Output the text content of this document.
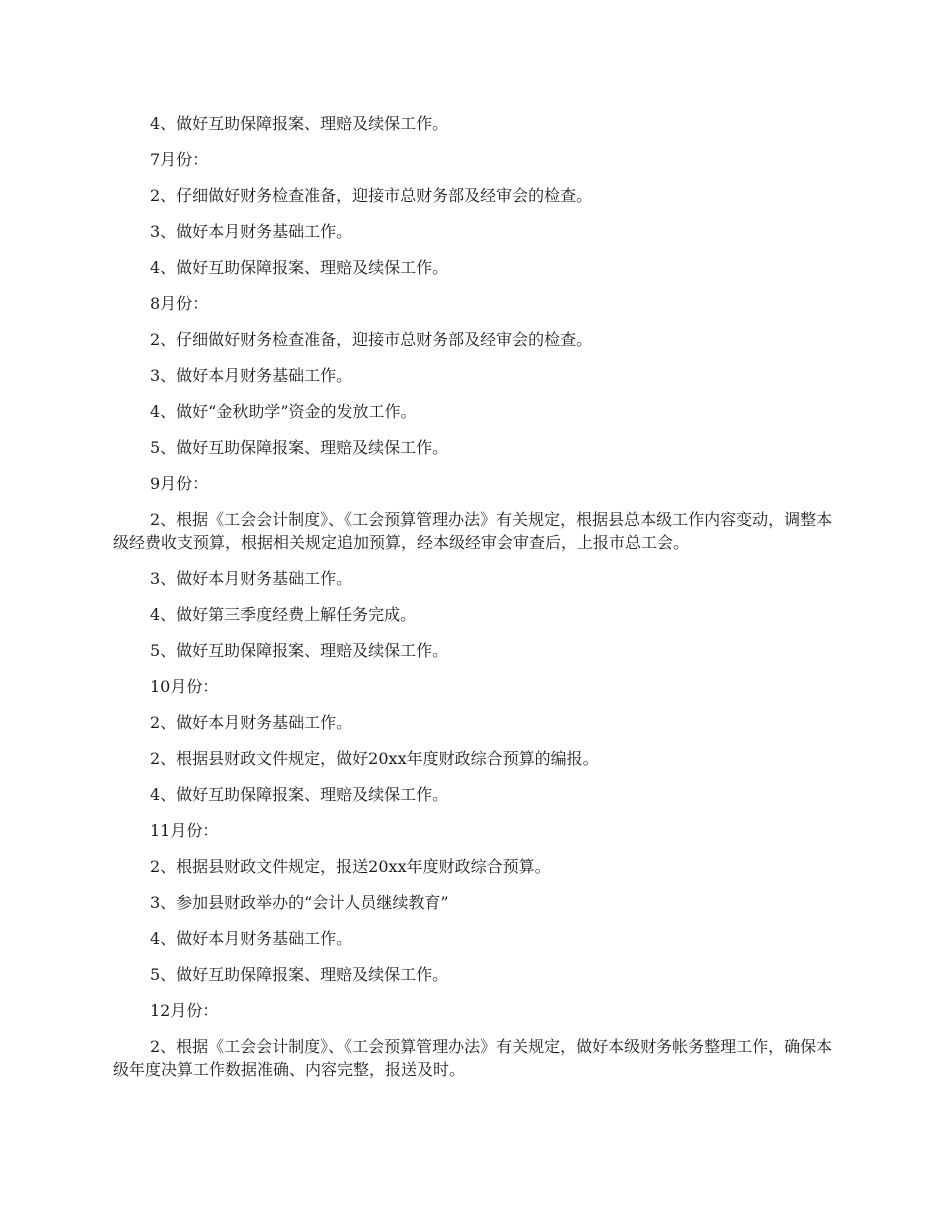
4、做好互助保障报案、理赔及续保工作。

7月份：

2、仔细做好财务检查准备，迎接市总财务部及经审会的检查。

3、做好本月财务基础工作。

4、做好互助保障报案、理赔及续保工作。

8月份：

2、仔细做好财务检查准备，迎接市总财务部及经审会的检查。

3、做好本月财务基础工作。

4、做好“金秋助学”资金的发放工作。

5、做好互助保障报案、理赔及续保工作。

9月份：

2、根据《工会会计制度》、《工会预算管理办法》有关规定，根据县总本级工作内容变动，调整本级经费收支预算，根据相关规定追加预算，经本级经审会审查后，上报市总工会。

3、做好本月财务基础工作。

4、做好第三季度经费上解任务完成。

5、做好互助保障报案、理赔及续保工作。

10月份：

2、做好本月财务基础工作。

2、根据县财政文件规定，做好20xx年度财政综合预算的编报。

4、做好互助保障报案、理赔及续保工作。

11月份：

2、根据县财政文件规定，报送20xx年度财政综合预算。

3、参加县财政举办的“会计人员继续教育”

4、做好本月财务基础工作。

5、做好互助保障报案、理赔及续保工作。

12月份：

2、根据《工会会计制度》、《工会预算管理办法》有关规定，做好本级财务帐务整理工作，确保本级年度决算工作数据准确、内容完整，报送及时。
